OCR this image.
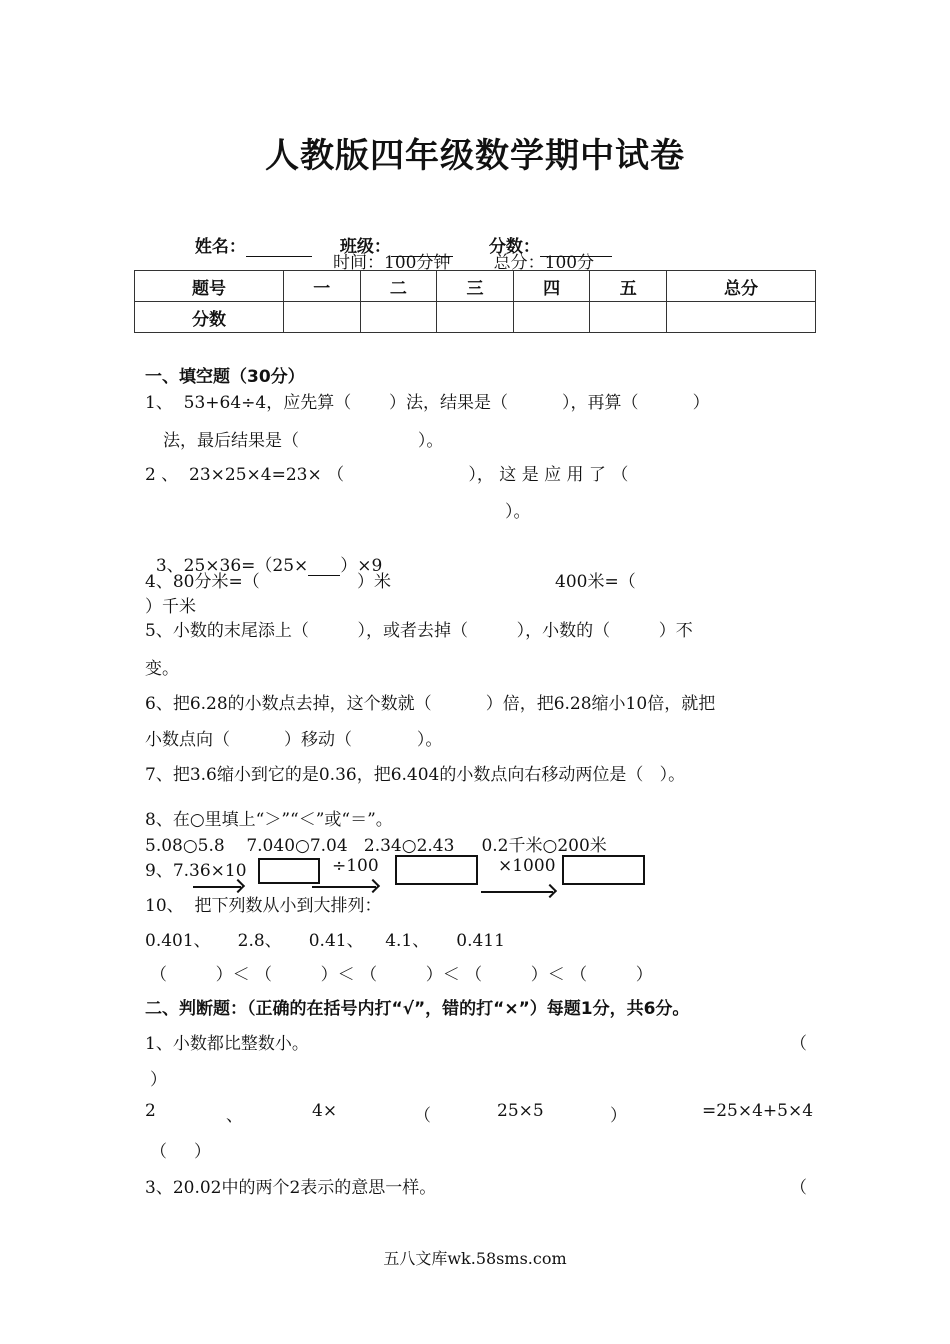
人教版四年级数学期中试卷

姓名：	班级：	分数：

时间：100分钟        总分：100分
题号	一	二	三	四	五	总分
分数						
一、填空题（30分）
1、  53+64÷4，应先算（       ）法，结果是（          ），再算（          ）
法，最后结果是（                      ）。
2 、  23×25×4=23× （                       ）， 这 是 应 用 了 （
）。

3、25×36=（25× ）×9

4、80分米=（                  ）米	400米=（
）千米
5、小数的末尾添上（         ），或者去掉（         ），小数的（         ）不
变。
6、把6.28的小数点去掉，这个数就（          ）倍，把6.28缩小10倍，就把
小数点向（          ）移动（            ）。
7、把3.6缩小到它的是0.36，把6.404的小数点向右移动两位是（   ）。
8、在○里填上“＞”“＜”或“＝”。
5.08○5.8    7.040○7.04   2.34○2.43     0.2千米○200米
9、7.36×10	÷100	×1000
10、  把下列数从小到大排列：
0.401、     2.8、     0.41、    4.1、     0.411
（         ）＜ （         ）＜ （         ）＜ （         ）＜ （         ）
二、判断题：（正确的在括号内打“√”，错的打“×”）每题1分，共6分。
1、小数都比整数小。	（
）
2	、	4×	（	25×5	）	=25×4+5×4
（     ）
3、20.02中的两个2表示的意思一样。	（
五八文库wk.58sms.com
